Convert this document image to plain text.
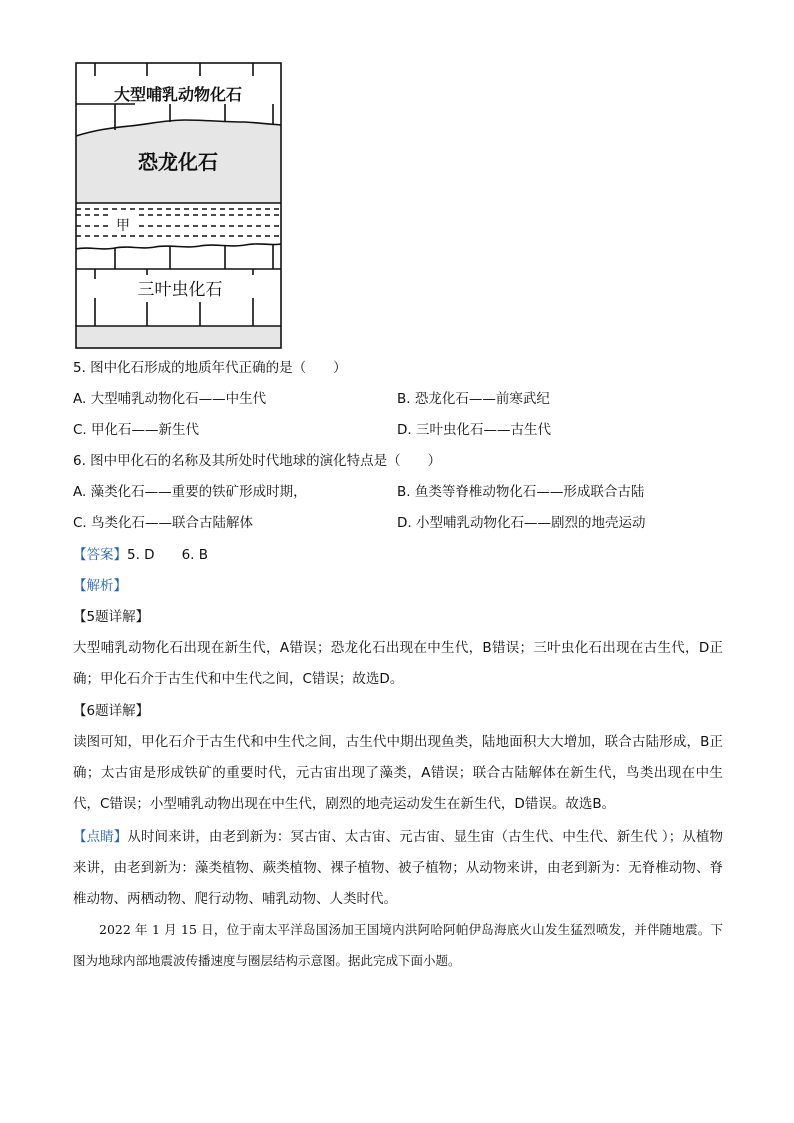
大型哺乳动物化石
恐龙化石
甲
三叶虫化石
5. 图中化石形成的地质年代正确的是（　　）
A. 大型哺乳动物化石——中生代	B. 恐龙化石——前寒武纪
C. 甲化石——新生代	D. 三叶虫化石——古生代
6. 图中甲化石的名称及其所处时代地球的演化特点是（　　）
A. 藻类化石——重要的铁矿形成时期，	B. 鱼类等脊椎动物化石——形成联合古陆
C. 鸟类化石——联合古陆解体	D. 小型哺乳动物化石——剧烈的地壳运动
【答案】5. D　　6. B
【解析】
【5题详解】
大型哺乳动物化石出现在新生代，A错误；恐龙化石出现在中生代，B错误；三叶虫化石出现在古生代，D正确；甲化石介于古生代和中生代之间，C错误；故选D。
【6题详解】
读图可知，甲化石介于古生代和中生代之间，古生代中期出现鱼类，陆地面积大大增加，联合古陆形成，B正确；太古宙是形成铁矿的重要时代，元古宙出现了藻类，A错误；联合古陆解体在新生代，鸟类出现在中生代，C错误；小型哺乳动物出现在中生代，剧烈的地壳运动发生在新生代，D错误。故选B。
【点睛】从时间来讲，由老到新为：冥古宙、太古宙、元古宙、显生宙（古生代、中生代、新生代 ）；从植物来讲，由老到新为：藻类植物、蕨类植物、裸子植物、被子植物；从动物来讲，由老到新为：无脊椎动物、脊椎动物、两栖动物、爬行动物、哺乳动物、人类时代。
2022 年 1 月 15 日，位于南太平洋岛国汤加王国境内洪阿哈阿帕伊岛海底火山发生猛烈喷发，并伴随地震。下图为地球内部地震波传播速度与圈层结构示意图。据此完成下面小题。
